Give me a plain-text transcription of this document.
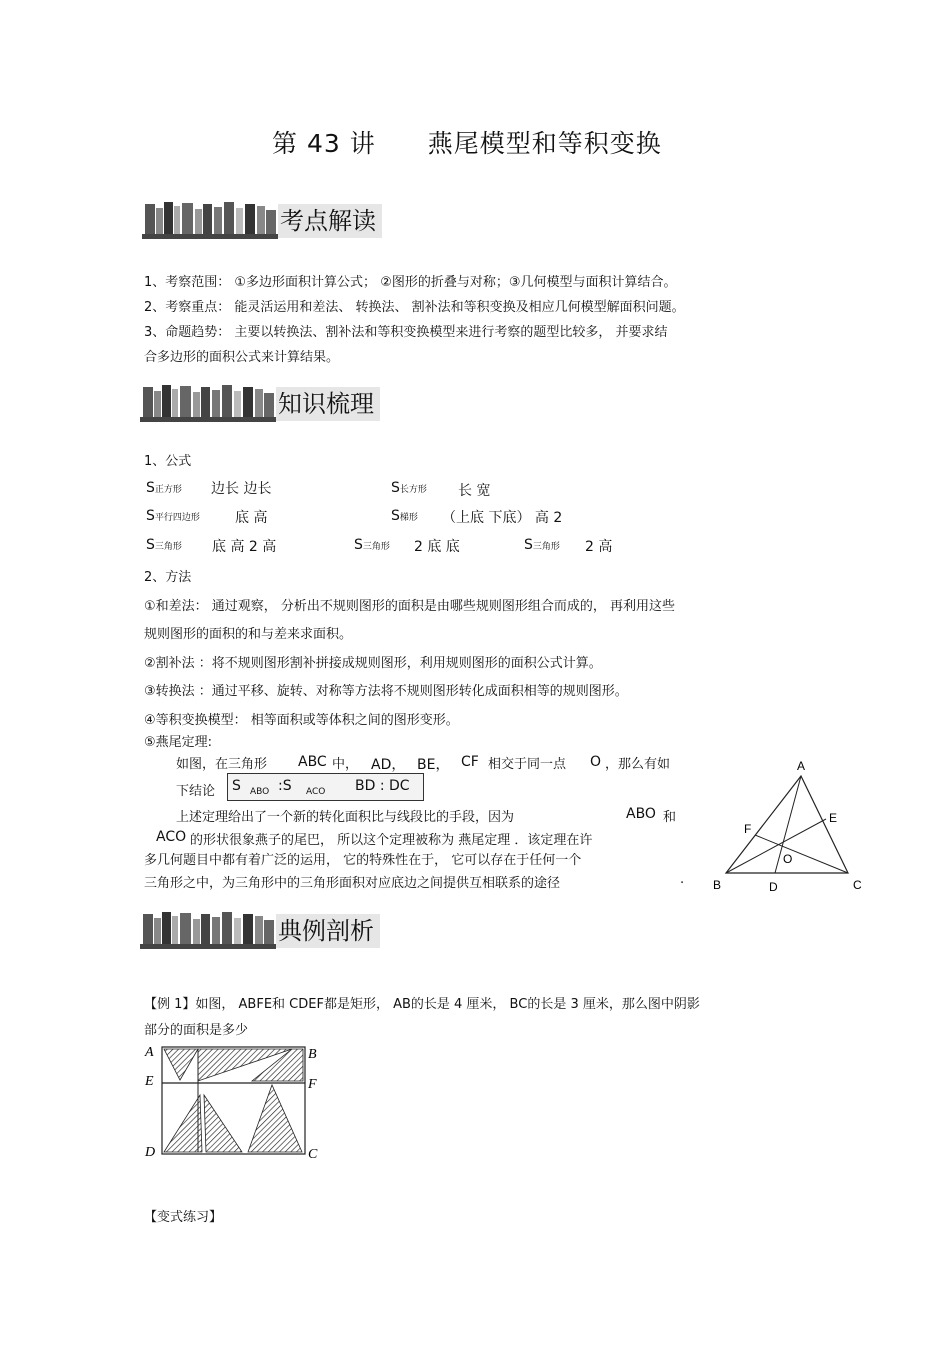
第 43 讲　　燕尾模型和等积变换
考点解读
1、考察范围： ①多边形面积计算公式； ②图形的折叠与对称；③几何模型与面积计算结合。
2、考察重点： 能灵活运用和差法、 转换法、 割补法和等积变换及相应几何模型解面积问题。
3、命题趋势： 主要以转换法、割补法和等积变换模型来进行考察的题型比较多， 并要求结
合多边形的面积公式来计算结果。
知识梳理
1、公式
S正方形 边长 边长	S长方形 长 宽
S平行四边形	底 高	S梯形 （上底 下底） 高 2
S三角形 底 高 2 高	S三角形 2 底 底	S三角形 2 高
2、方法
①和差法： 通过观察， 分析出不规则图形的面积是由哪些规则图形组合而成的， 再利用这些
规则图形的面积的和与差来求面积。
②割补法 ：将不规则图形割补拼接成规则图形，利用规则图形的面积公式计算。
③转换法 ：通过平移、旋转、对称等方法将不规则图形转化成面积相等的规则图形。
④等积变换模型： 相等面积或等体积之间的图形变形。
⑤燕尾定理:
如图，在三角形 ABC 中， AD， BE， CF 相交于同一点 O ，那么有如
下结论 S ABO :S ACO BD : DC
上述定理给出了一个新的转化面积比与线段比的手段，因为	ABO 和
ACO 的形状很象燕子的尾巴， 所以这个定理被称为 燕尾定理 ．该定理在许
多几何题目中都有着广泛的运用， 它的特殊性在于， 它可以存在于任何一个
三角形之中，为三角形中的三角形面积对应底边之间提供互相联系的途径	.
A
B	C
D
E
F
O
典例剖析
【例 1】如图， ABFE和 CDEF都是矩形， AB的长是 4 厘米， BC的长是 3 厘米，那么图中阴影
部分的面积是多少
A	B
E	F
D	C
【变式练习】
